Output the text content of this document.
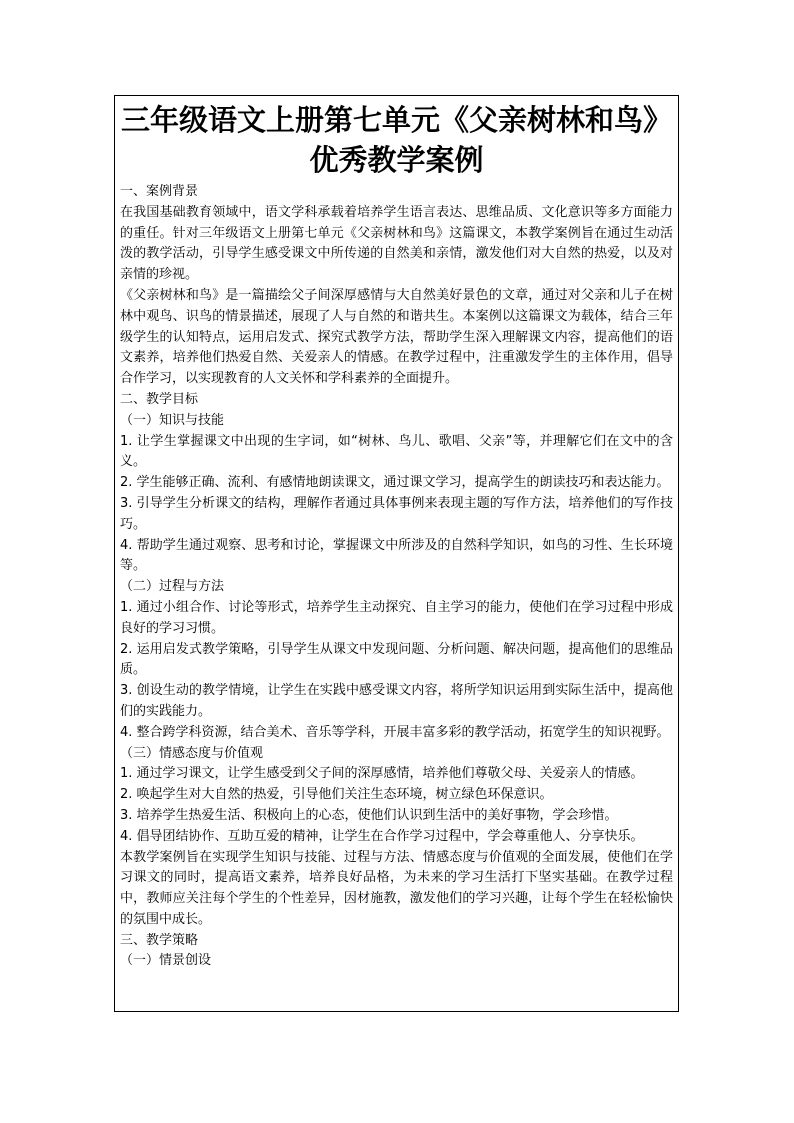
三年级语文上册第七单元《父亲树林和鸟》
优秀教学案例

一、案例背景

在我国基础教育领域中，语文学科承载着培养学生语言表达、思维品质、文化意识等多方面能力的重任。针对三年级语文上册第七单元《父亲树林和鸟》这篇课文，本教学案例旨在通过生动活泼的教学活动，引导学生感受课文中所传递的自然美和亲情，激发他们对大自然的热爱，以及对亲情的珍视。

《父亲树林和鸟》是一篇描绘父子间深厚感情与大自然美好景色的文章，通过对父亲和儿子在树林中观鸟、识鸟的情景描述，展现了人与自然的和谐共生。本案例以这篇课文为载体，结合三年级学生的认知特点，运用启发式、探究式教学方法，帮助学生深入理解课文内容，提高他们的语文素养，培养他们热爱自然、关爱亲人的情感。在教学过程中，注重激发学生的主体作用，倡导合作学习，以实现教育的人文关怀和学科素养的全面提升。

二、教学目标

（一）知识与技能

1. 让学生掌握课文中出现的生字词，如“树林、鸟儿、歌唱、父亲”等，并理解它们在文中的含义。

2. 学生能够正确、流利、有感情地朗读课文，通过课文学习，提高学生的朗读技巧和表达能力。

3. 引导学生分析课文的结构，理解作者通过具体事例来表现主题的写作方法，培养他们的写作技巧。

4. 帮助学生通过观察、思考和讨论，掌握课文中所涉及的自然科学知识，如鸟的习性、生长环境等。

（二）过程与方法

1. 通过小组合作、讨论等形式，培养学生主动探究、自主学习的能力，使他们在学习过程中形成良好的学习习惯。

2. 运用启发式教学策略，引导学生从课文中发现问题、分析问题、解决问题，提高他们的思维品质。

3. 创设生动的教学情境，让学生在实践中感受课文内容，将所学知识运用到实际生活中，提高他们的实践能力。

4. 整合跨学科资源，结合美术、音乐等学科，开展丰富多彩的教学活动，拓宽学生的知识视野。

（三）情感态度与价值观

1. 通过学习课文，让学生感受到父子间的深厚感情，培养他们尊敬父母、关爱亲人的情感。

2. 唤起学生对大自然的热爱，引导他们关注生态环境，树立绿色环保意识。

3. 培养学生热爱生活、积极向上的心态，使他们认识到生活中的美好事物，学会珍惜。

4. 倡导团结协作、互助互爱的精神，让学生在合作学习过程中，学会尊重他人、分享快乐。

本教学案例旨在实现学生知识与技能、过程与方法、情感态度与价值观的全面发展，使他们在学习课文的同时，提高语文素养，培养良好品格，为未来的学习生活打下坚实基础。在教学过程中，教师应关注每个学生的个性差异，因材施教，激发他们的学习兴趣，让每个学生在轻松愉快的氛围中成长。

三、教学策略

（一）情景创设
